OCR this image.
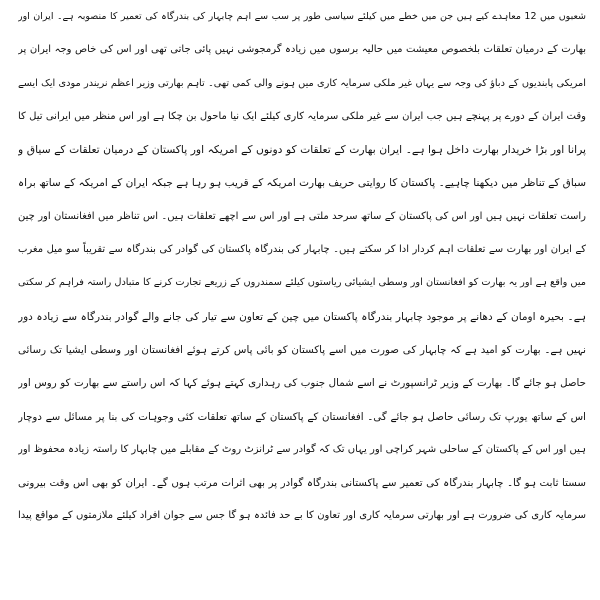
شعبوں میں 12 معاہدے کیے ہیں جن میں خطے میں کیلئے سیاسی طور پر سب سے اہم چابہار کی بندرگاہ کی تعمیر کا منصوبہ ہے۔ ایران اور
بھارت کے درمیان تعلقات بلخصوص معیشت میں حالیہ برسوں میں زیادہ گرمجوشی نہیں پائی جاتی تھی اور اس کی خاص وجہ ایران پر
امریکی پابندیوں کے دباؤ کی وجہ سے یہاں غیر ملکی سرمایہ کاری میں ہونے والی کمی تھی۔ تاہم بھارتی وزیر اعظم نریندر مودی ایک ایسے
وقت ایران کے دورے پر پہنچے ہیں جب ایران سے غیر ملکی سرمایہ کاری کیلئے ایک نیا ماحول بن چکا ہے اور اس منظر میں ایرانی تیل کا
پرانا اور بڑا خریدار بھارت داخل ہوا ہے۔ ایران بھارت کے تعلقات کو دونوں کے امریکہ اور پاکستان کے درمیان تعلقات کے سیاق و
سباق کے تناظر میں دیکھنا چاہیے۔ پاکستان کا روایتی حریف بھارت امریکہ کے قریب ہو رہا ہے جبکہ ایران کے امریکہ کے ساتھ براہ
راست تعلقات نہیں ہیں اور اس کی پاکستان کے ساتھ سرحد ملتی ہے اور اس سے اچھے تعلقات ہیں۔ اس تناظر میں افغانستان اور چین
کے ایران اور بھارت سے تعلقات اہم کردار ادا کر سکتے ہیں۔ چابہار کی بندرگاہ پاکستان کی گوادر کی بندرگاہ سے تقریباً سو میل مغرب
میں واقع ہے اور یہ بھارت کو افغانستان اور وسطی ایشیائی ریاستوں کیلئے سمندروں کے زریعے تجارت کرنے کا متبادل راستہ فراہم کر سکتی
ہے۔ بحیرہ اومان کے دھانے پر موجود چابہار بندرگاہ پاکستان میں چین کے تعاون سے تیار کی جانے والے گوادر بندرگاہ سے زیادہ دور
نہیں ہے۔ بھارت کو امید ہے کہ چابہار کی صورت میں اسے پاکستان کو بائی پاس کرتے ہوئے افغانستان اور وسطی ایشیا تک رسائی
حاصل ہو جائے گا۔ بھارت کے وزیر ٹرانسپورٹ نے اسے شمال جنوب کی رہداری کہتے ہوئے کہا کہ اس راستے سے بھارت کو روس اور
اس کے ساتھ یورپ تک رسائی حاصل ہو جائے گی۔ افغانستان کے پاکستان کے ساتھ تعلقات کئی وجوہات کی بنا پر مسائل سے دوچار
ہیں اور اس کے پاکستان کے ساحلی شہر کراچی اور یہاں تک کہ گوادر سے ٹرانزٹ روٹ کے مقابلے میں چابہار کا راستہ زیادہ محفوظ اور
سستا ثابت ہو گا۔ چابہار بندرگاہ کی تعمیر سے پاکستانی بندرگاہ گوادر پر بھی اثرات مرتب ہوں گے۔ ایران کو بھی اس وقت بیرونی
سرمایہ کاری کی ضرورت ہے اور بھارتی سرمایہ کاری اور تعاون کا بے حد فائدہ ہو گا جس سے جوان افراد کیلئے ملازمتوں کے مواقع پیدا
